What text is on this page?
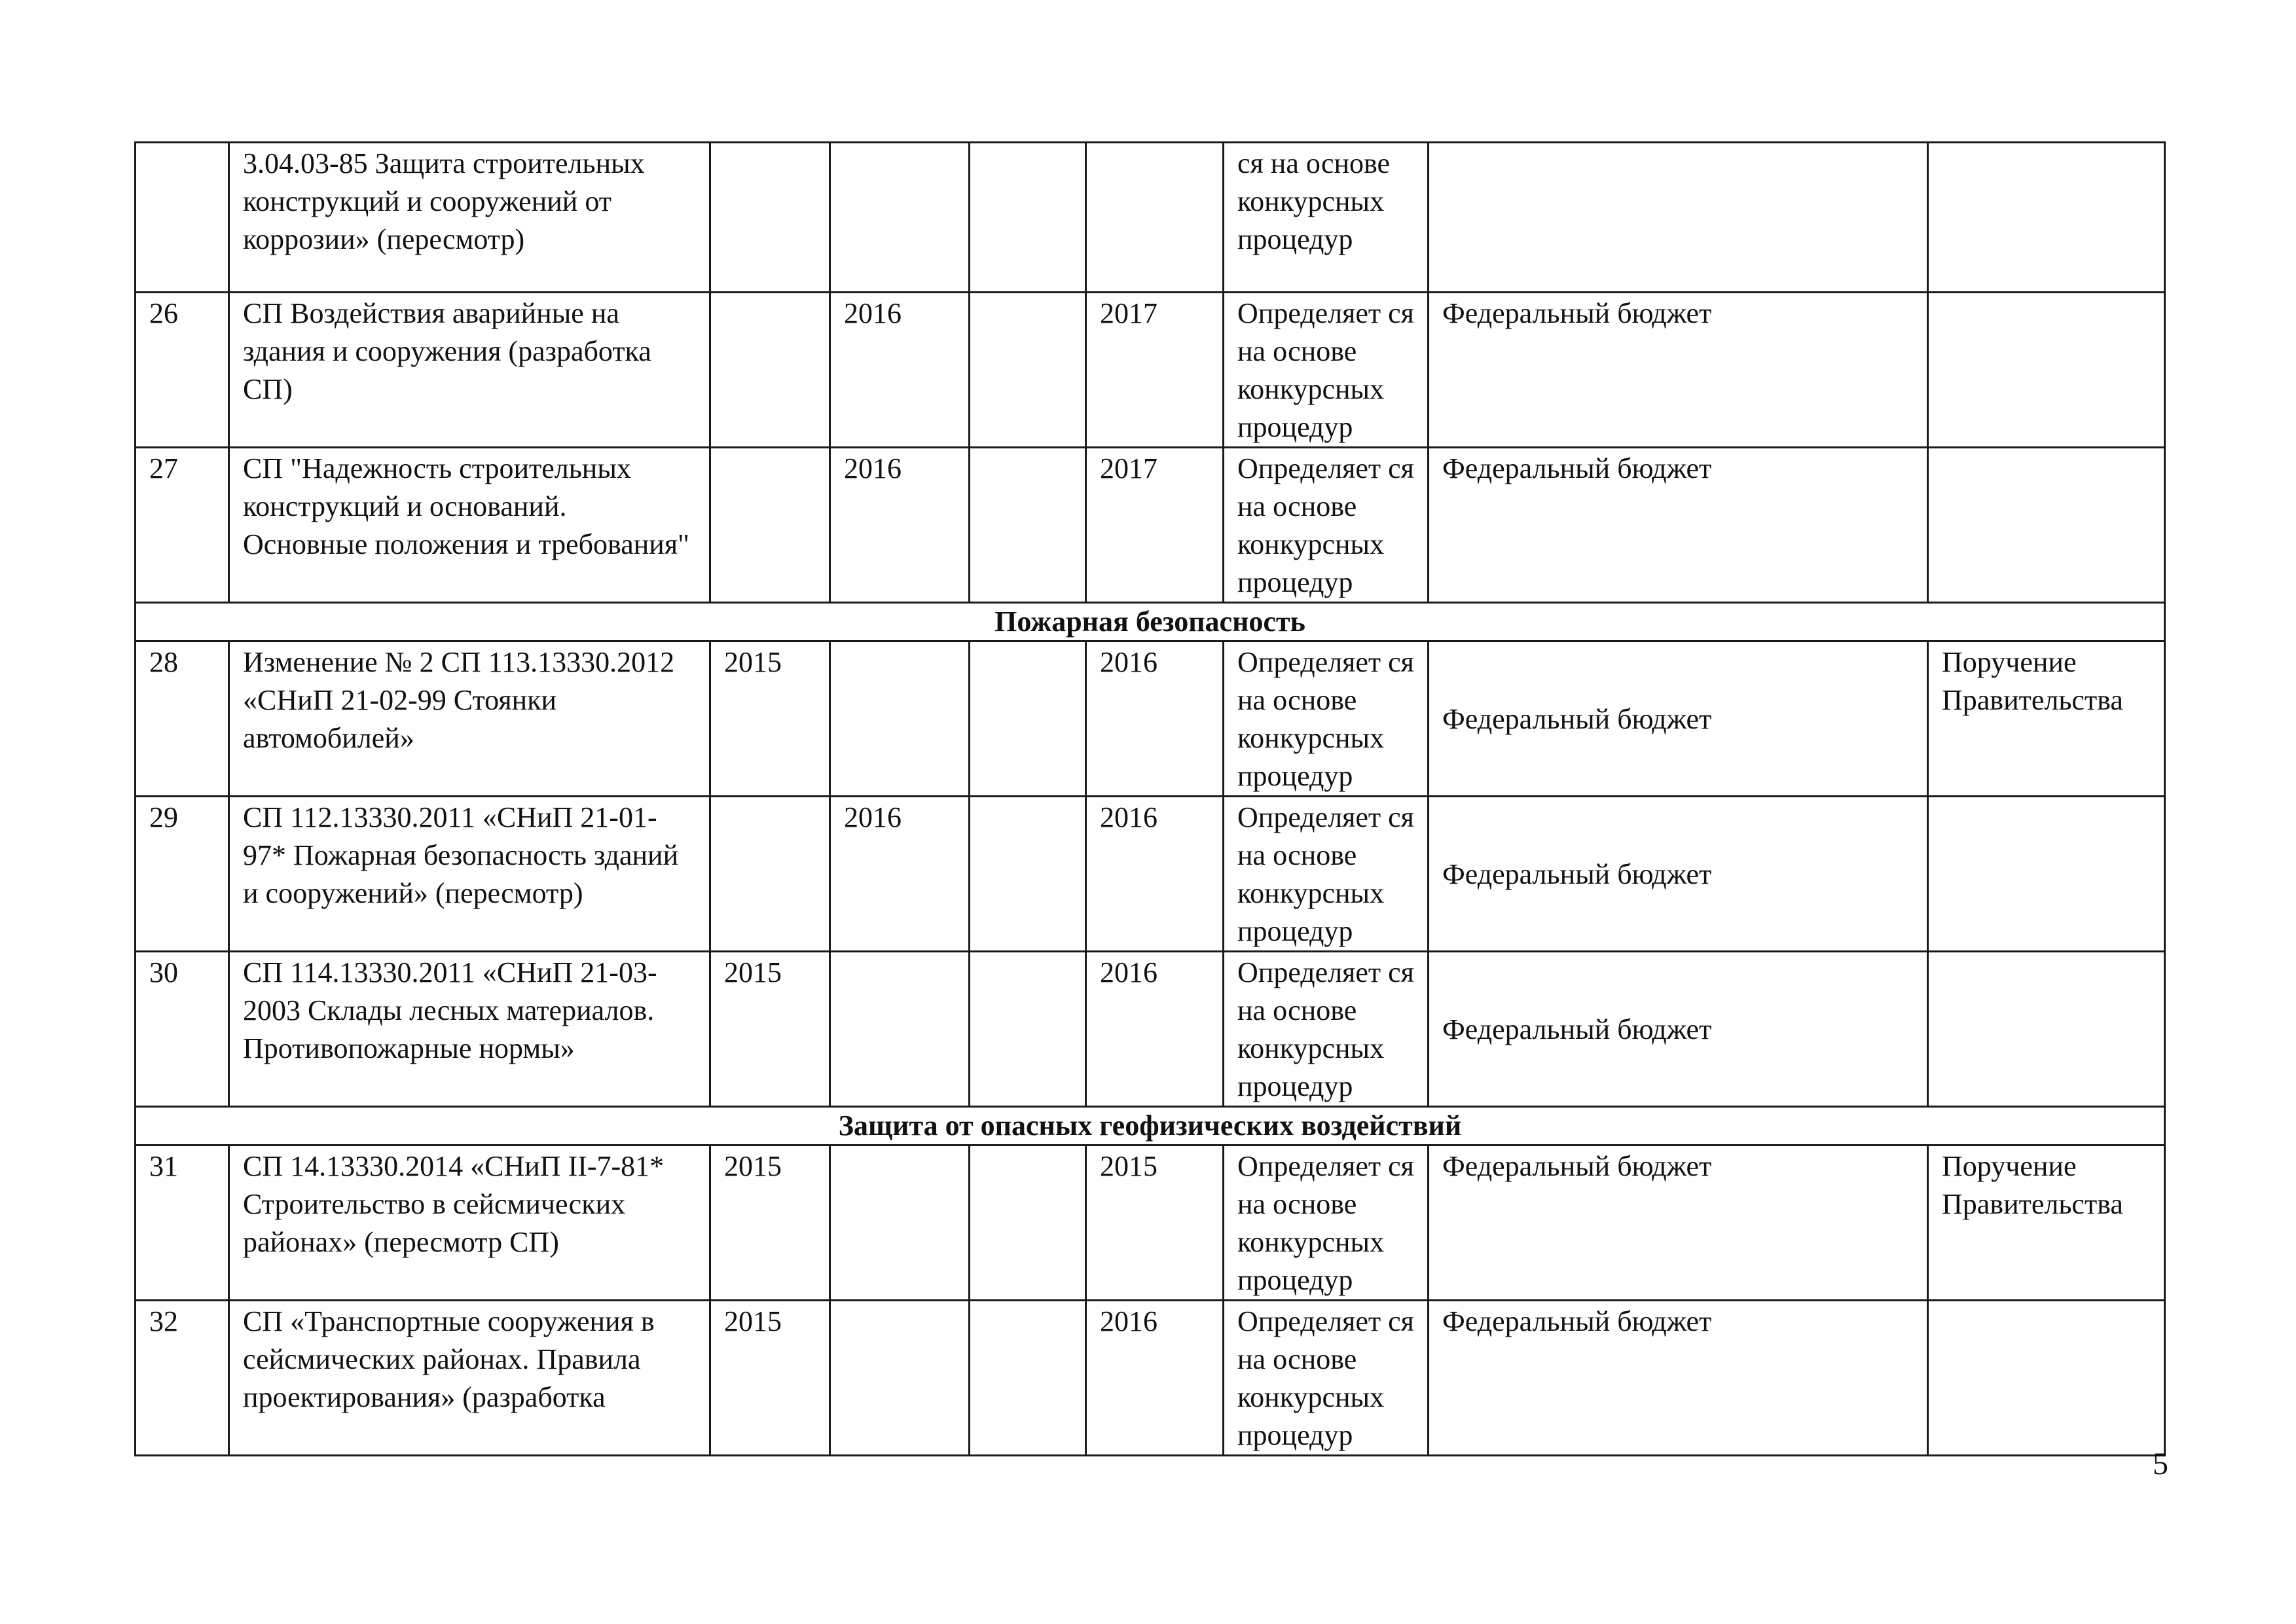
	3.04.03-85 Защита строительных конструкций и сооружений от коррозии» (пересмотр)					ся на основе конкурсных процедур		
26	СП Воздействия аварийные на здания и сооружения (разработка СП)		2016		2017	Определяет ся на основе конкурсных процедур	Федеральный бюджет	
27	СП "Надежность строительных конструкций и оснований. Основные положения и требования"		2016		2017	Определяет ся на основе конкурсных процедур	Федеральный бюджет	
Пожарная безопасность								
28	Изменение № 2 СП 113.13330.2012 «СНиП 21-02-99 Стоянки автомобилей»	2015			2016	Определяет ся на основе конкурсных процедур	Федеральный бюджет	Поручение Правительства
29	СП 112.13330.2011 «СНиП 21-01-97* Пожарная безопасность зданий и сооружений» (пересмотр)		2016		2016	Определяет ся на основе конкурсных процедур	Федеральный бюджет	
30	СП 114.13330.2011 «СНиП 21-03-2003 Склады лесных материалов. Противопожарные нормы»	2015			2016	Определяет ся на основе конкурсных процедур	Федеральный бюджет	
Защита от опасных геофизических воздействий								
31	СП 14.13330.2014 «СНиП II-7-81* Строительство в сейсмических районах» (пересмотр СП)	2015			2015	Определяет ся на основе конкурсных процедур	Федеральный бюджет	Поручение Правительства
32	СП «Транспортные сооружения в сейсмических районах. Правила проектирования» (разработка	2015			2016	Определяет ся на основе конкурсных процедур	Федеральный бюджет	
5
